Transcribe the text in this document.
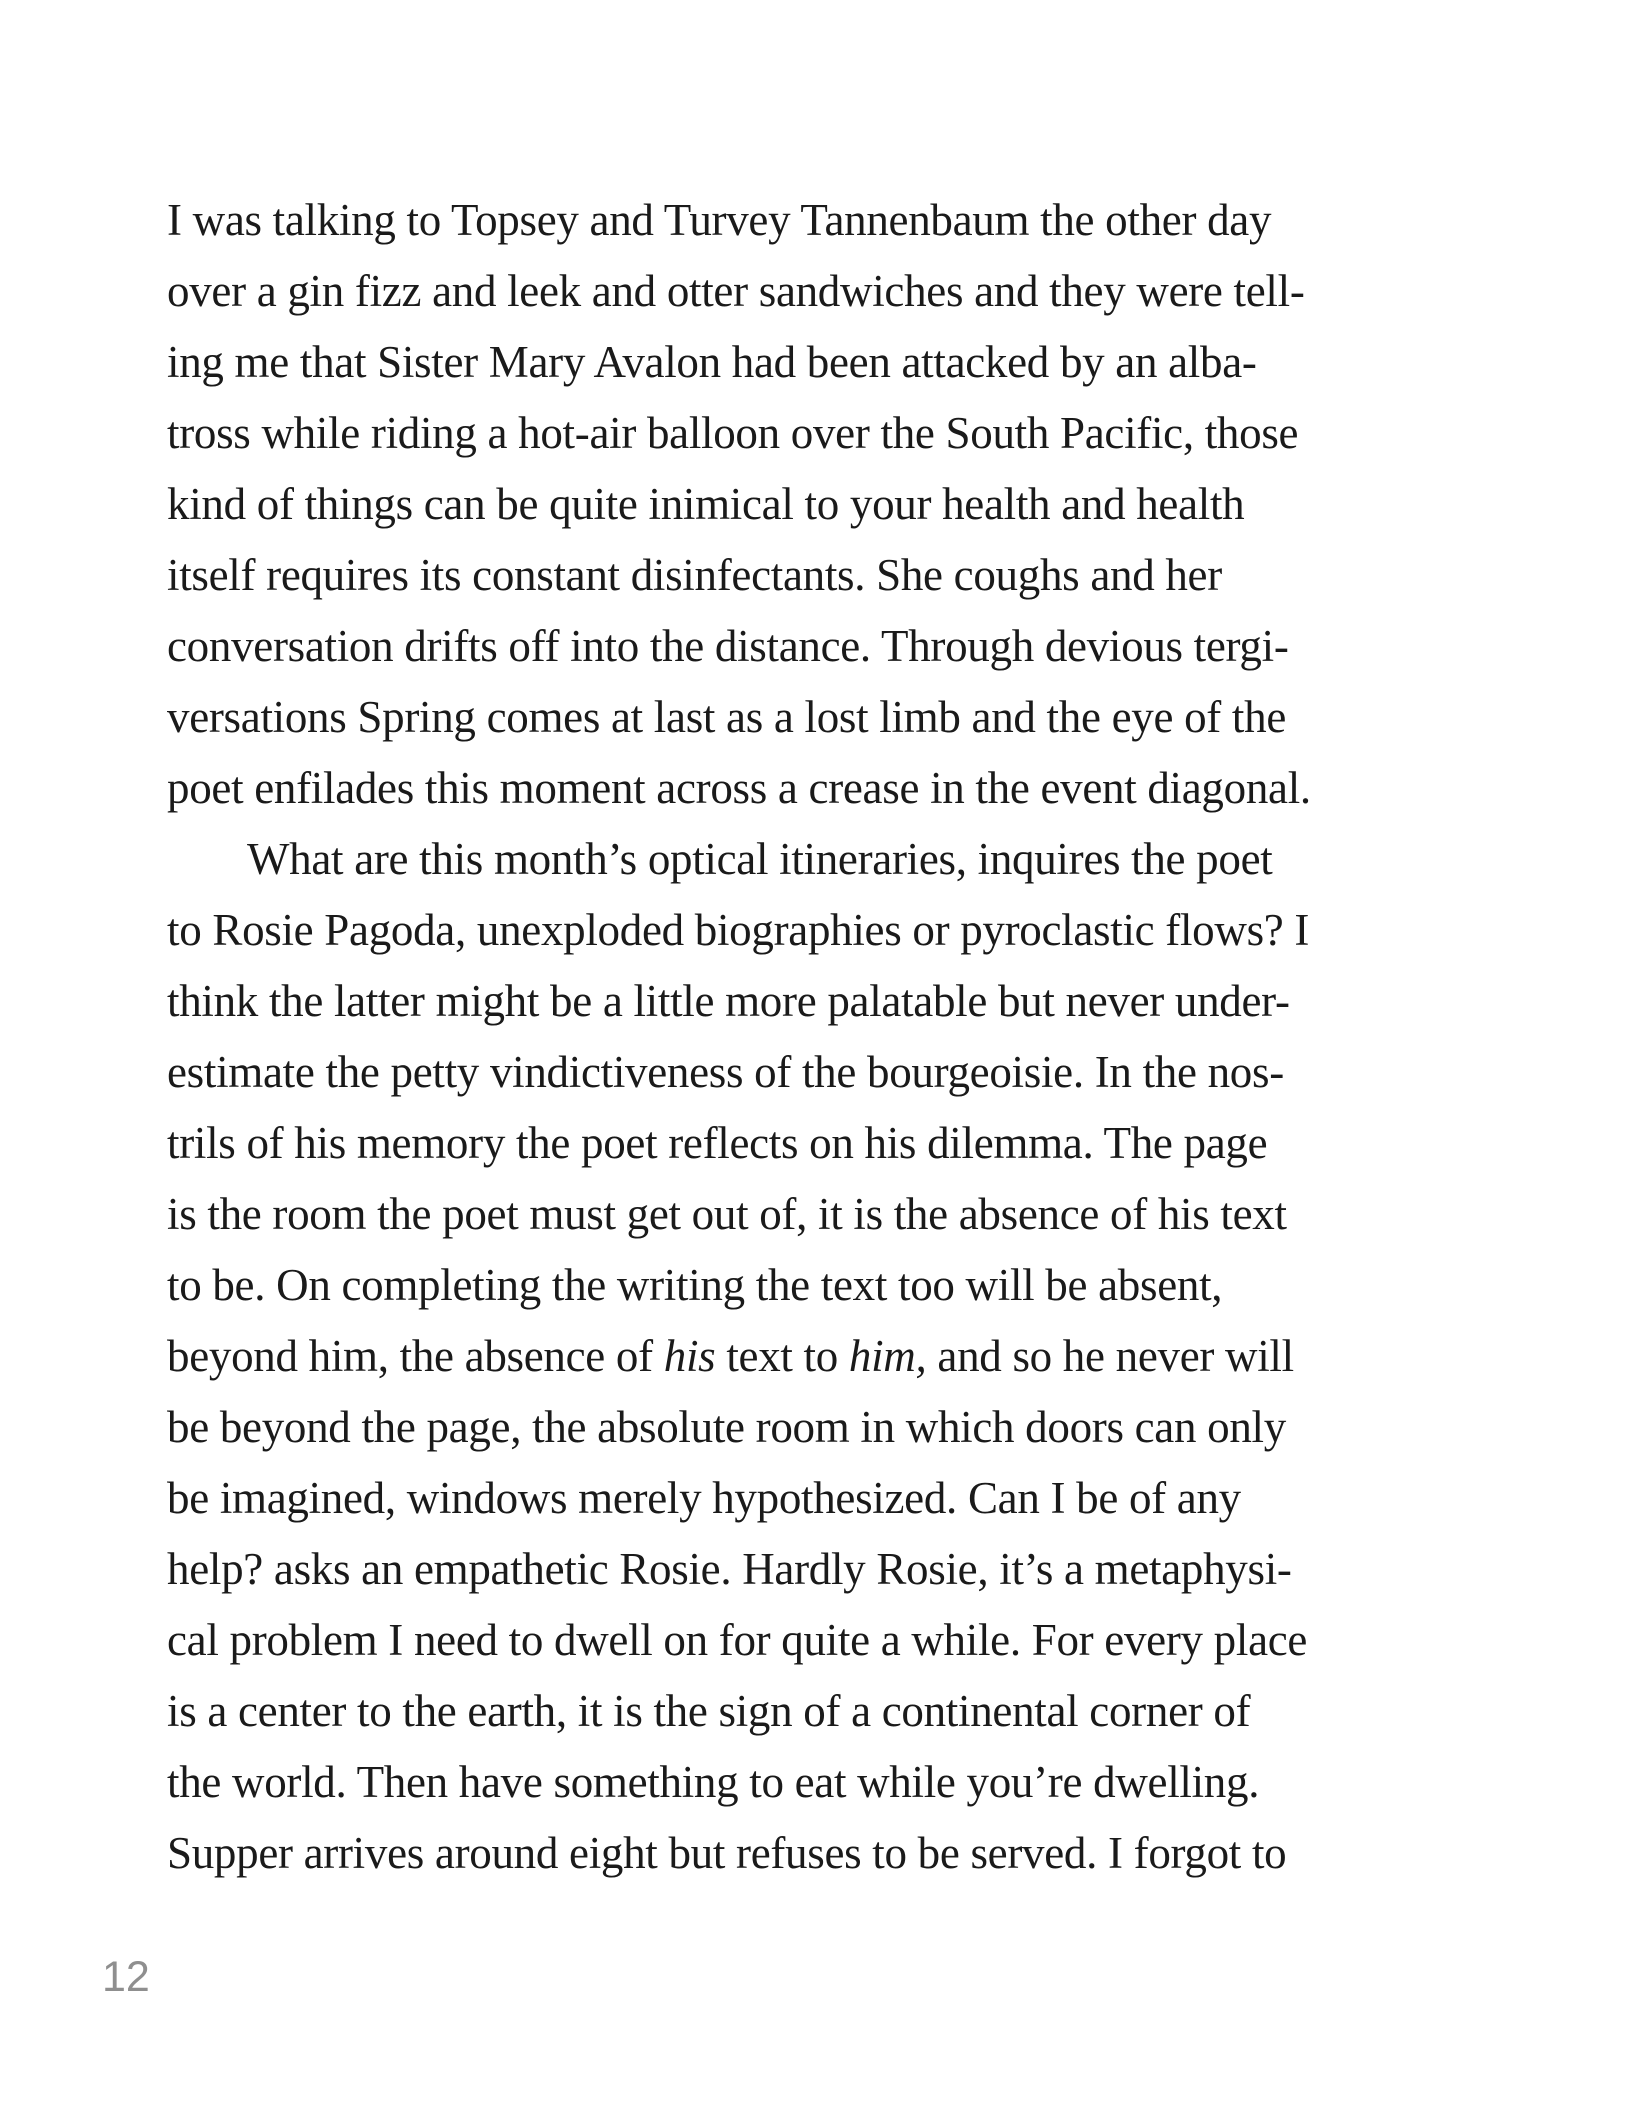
I was talking to Topsey and Turvey Tannenbaum the other day
over a gin fizz and leek and otter sandwiches and they were tell-
ing me that Sister Mary Avalon had been attacked by an alba-
tross while riding a hot-air balloon over the South Pacific, those
kind of things can be quite inimical to your health and health
itself requires its constant disinfectants. She coughs and her
conversation drifts off into the distance. Through devious tergi-
versations Spring comes at last as a lost limb and the eye of the
poet enfilades this moment across a crease in the event diagonal.
What are this month’s optical itineraries, inquires the poet
to Rosie Pagoda, unexploded biographies or pyroclastic flows? I
think the latter might be a little more palatable but never under-
estimate the petty vindictiveness of the bourgeoisie. In the nos-
trils of his memory the poet reflects on his dilemma. The page
is the room the poet must get out of, it is the absence of his text
to be. On completing the writing the text too will be absent,
beyond him, the absence of his text to him, and so he never will
be beyond the page, the absolute room in which doors can only
be imagined, windows merely hypothesized. Can I be of any
help? asks an empathetic Rosie. Hardly Rosie, it’s a metaphysi-
cal problem I need to dwell on for quite a while. For every place
is a center to the earth, it is the sign of a continental corner of
the world. Then have something to eat while you’re dwelling.
Supper arrives around eight but refuses to be served. I forgot to
12
